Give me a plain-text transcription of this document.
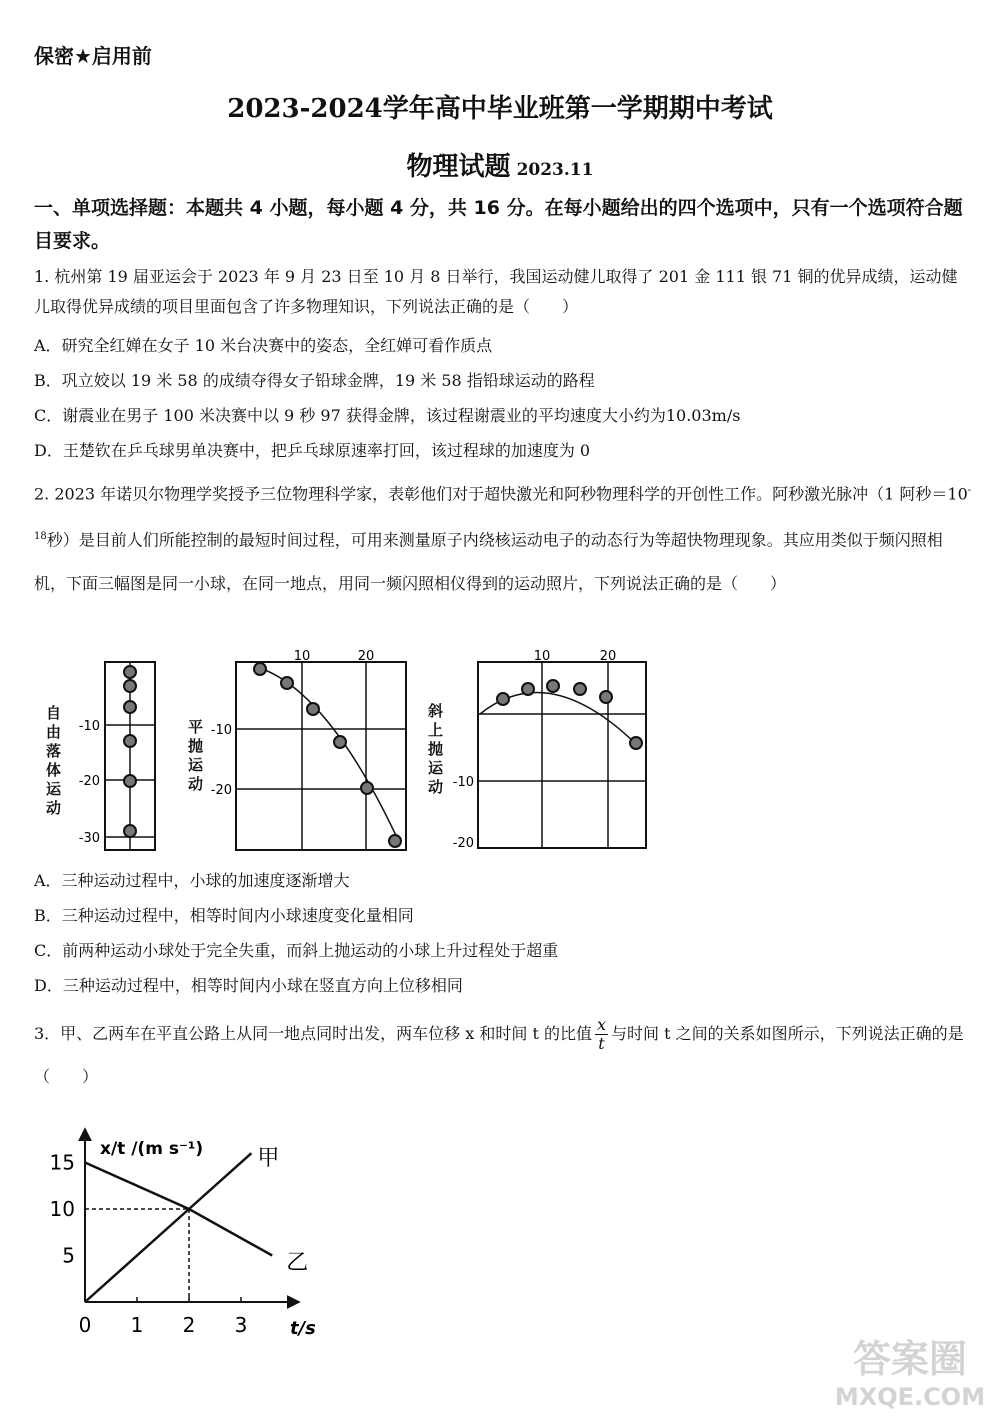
保密★启用前
2023-2024学年高中毕业班第一学期期中考试
物理试题 2023.11
一、单项选择题：本题共 4 小题，每小题 4 分，共 16 分。在每小题给出的四个选项中，只有一个选项符合题目要求。
1. 杭州第 19 届亚运会于 2023 年 9 月 23 日至 10 月 8 日举行，我国运动健儿取得了 201 金 111 银 71 铜的优异成绩，运动健儿取得优异成绩的项目里面包含了许多物理知识，下列说法正确的是（　　）
A．研究全红婵在女子 10 米台决赛中的姿态，全红婵可看作质点
B．巩立姣以 19 米 58 的成绩夺得女子铅球金牌，19 米 58 指铅球运动的路程
C．谢震业在男子 100 米决赛中以 9 秒 97 获得金牌，该过程谢震业的平均速度大小约为10.03m/s
D．王楚钦在乒乓球男单决赛中，把乒乓球原速率打回，该过程球的加速度为 0
2. 2023 年诺贝尔物理学奖授予三位物理科学家，表彰他们对于超快激光和阿秒物理科学的开创性工作。阿秒激光脉冲（1 阿秒$=10^{-18}$秒）是目前人们所能控制的最短时间过程，可用来测量原子内绕核运动电子的动态行为等超快物理现象。其应用类似于频闪照相机，下面三幅图是同一小球，在同一地点，用同一频闪照相仪得到的运动照片，下列说法正确的是（　　）
-10
-20
-30
10	20
-10
-20
10	20
-10
-20
自
由
落
体
运
动
平
抛
运
动
斜
上
抛
运
动
A．三种运动过程中，小球的加速度逐渐增大
B．三种运动过程中，相等时间内小球速度变化量相同
C．前两种运动小球处于完全失重，而斜上抛运动的小球上升过程处于超重
D．三种运动过程中，相等时间内小球在竖直方向上位移相同
3．甲、乙两车在平直公路上从同一地点同时出发，两车位移 x 和时间 t 的比值 $\frac{x}{t}$ 与时间 t 之间的关系如图所示，下列说法正确的是（　　）
0 1 2 3
5
10
15	甲
乙
x/t /(m s⁻¹)
t/s
答案圈
MXQE.COM
